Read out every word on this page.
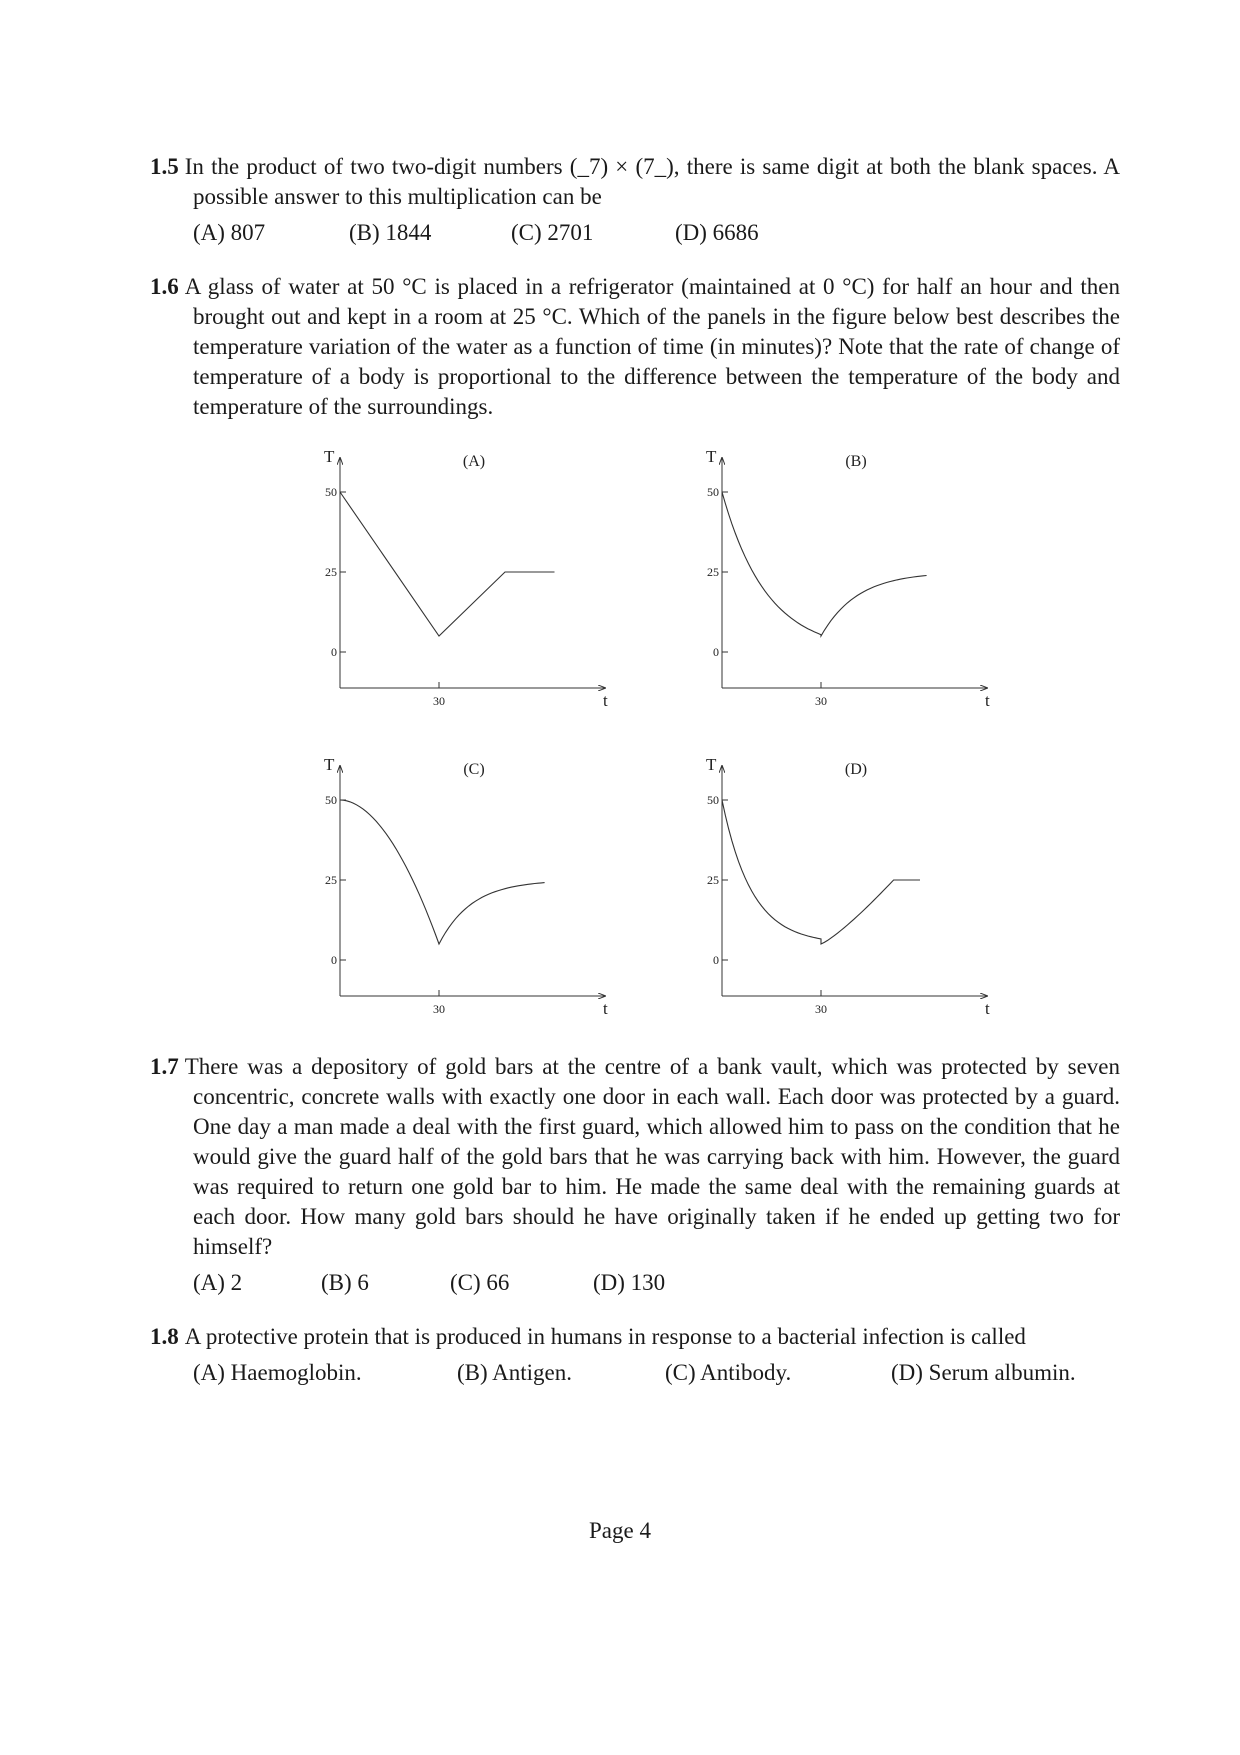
1.5 In the product of two two-digit numbers (_7) × (7_), there is same digit at both the blank spaces. A possible answer to this multiplication can be

(A) 807	(B) 1844	(C) 2701	(D) 6686

1.6 A glass of water at 50 °C is placed in a refrigerator (maintained at 0 °C) for half an hour and then brought out and kept in a room at 25 °C. Which of the panels in the figure below best describes the temperature variation of the water as a function of time (in minutes)? Note that the rate of change of temperature of a body is proportional to the difference between the temperature of the body and temperature of the surroundings.

0
25
50
30
T
t
(A)
0
25
50
30
T
t
(B)
0
25
50
30
T
t
(C)
0
25
50
30
T
t
(D)

1.7 There was a depository of gold bars at the centre of a bank vault, which was protected by seven concentric, concrete walls with exactly one door in each wall. Each door was protected by a guard. One day a man made a deal with the first guard, which allowed him to pass on the condition that he would give the guard half of the gold bars that he was carrying back with him. However, the guard was required to return one gold bar to him. He made the same deal with the remaining guards at each door. How many gold bars should he have originally taken if he ended up getting two for himself?

(A) 2	(B) 6	(C) 66	(D) 130

1.8 A protective protein that is produced in humans in response to a bacterial infection is called

(A) Haemoglobin.	(B) Antigen.	(C) Antibody.	(D) Serum albumin.
Page 4
